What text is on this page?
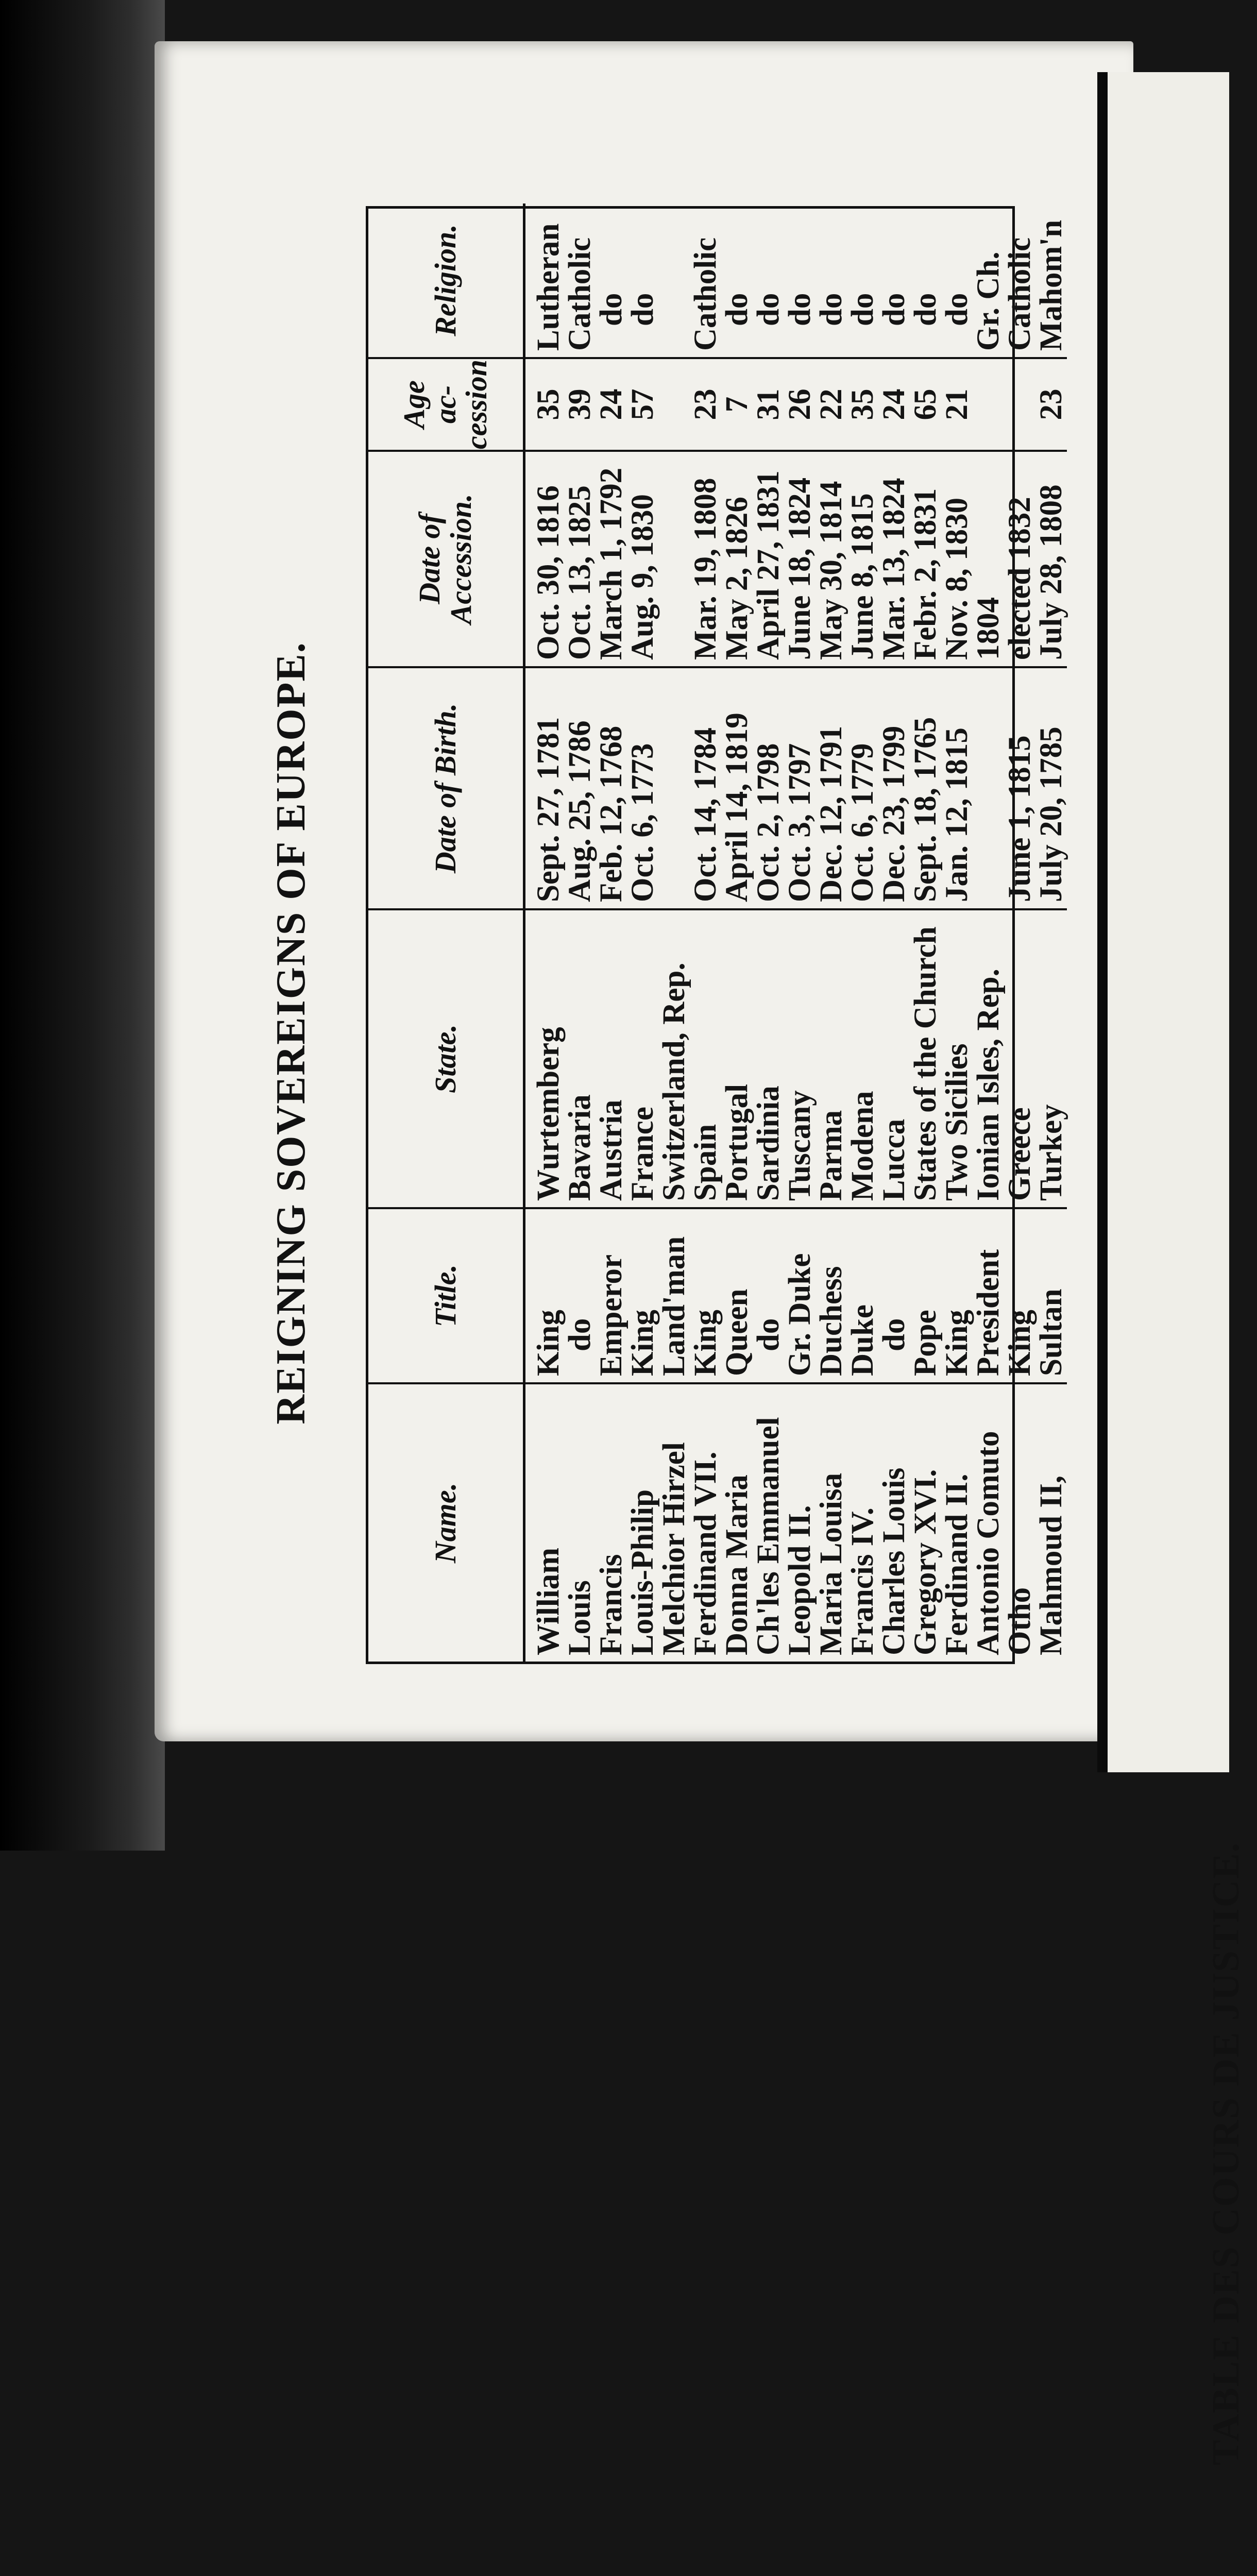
REIGNING SOVEREIGNS OF EUROPE.
Name.	Title.	State.	Date of Birth.	Date of Accession.	Age ac-cession	Religion.
William	King	Wurtemberg	Sept. 27, 1781	Oct. 30, 1816	35	Lutheran
Louis	do	Bavaria	Aug. 25, 1786	Oct. 13, 1825	39	Catholic
Francis	Emperor	Austria	Feb. 12, 1768	March 1, 1792	24	do
Louis-Philip	King	France	Oct. 6, 1773	Aug. 9, 1830	57	do
Melchior Hirzel	Land'man	Switzerland, Rep.				
Ferdinand VII.	King	Spain	Oct. 14, 1784	Mar. 19, 1808	23	Catholic
Donna Maria	Queen	Portugal	April 14, 1819	May 2, 1826	7	do
Ch'les Emmanuel	do	Sardinia	Oct. 2, 1798	April 27, 1831	31	do
Leopold II.	Gr. Duke	Tuscany	Oct. 3, 1797	June 18, 1824	26	do
Maria Louisa	Duchess	Parma	Dec. 12, 1791	May 30, 1814	22	do
Francis IV.	Duke	Modena	Oct. 6, 1779	June 8, 1815	35	do
Charles Louis	do	Lucca	Dec. 23, 1799	Mar. 13, 1824	24	do
Gregory XVI.	Pope	States of the Church	Sept. 18, 1765	Febr. 2, 1831	65	do
Ferdinand II.	King	Two Sicilies	Jan. 12, 1815	Nov. 8, 1830	21	do
Antonio Comuto	President	Ionian Isles, Rep.		1804		Gr. Ch.
Otho	King	Greece	June 1, 1815	elected 1832		Catholic
Mahmoud II,	Sultan	Turkey	July 20, 1785	July 28, 1808	23	Mahom'n
TABLE DES COURS DE JUSTICE.
